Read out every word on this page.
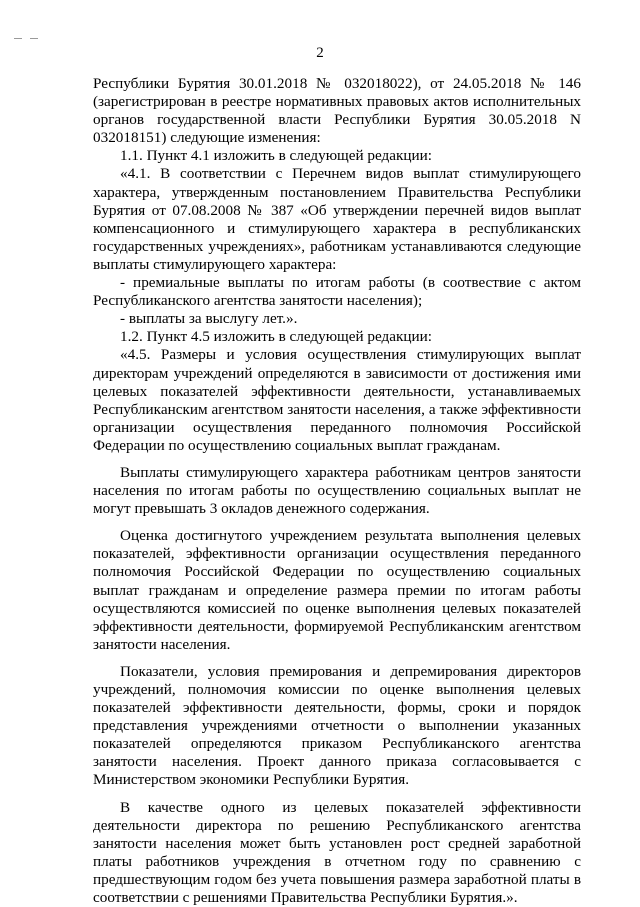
2

Республики Бурятия 30.01.2018 № 032018022), от 24.05.2018 № 146 (зарегистрирован в реестре нормативных правовых актов исполнительных органов государственной власти Республики Бурятия 30.05.2018 N 032018151) следующие изменения:

1.1. Пункт 4.1 изложить в следующей редакции:

«4.1. В соответствии с Перечнем видов выплат стимулирующего характера, утвержденным постановлением Правительства Республики Бурятия от 07.08.2008 № 387 «Об утверждении перечней видов выплат компенсационного и стимулирующего характера в республиканских государственных учреждениях», работникам устанавливаются следующие выплаты стимулирующего характера:

- премиальные выплаты по итогам работы (в соотвествие с актом Республиканского агентства занятости населения);

- выплаты за выслугу лет.».

1.2. Пункт 4.5 изложить в следующей редакции:

«4.5. Размеры и условия осуществления стимулирующих выплат директорам учреждений определяются в зависимости от достижения ими целевых показателей эффективности деятельности, устанавливаемых Республиканским агентством занятости населения, а также эффективности организации осуществления переданного полномочия Российской Федерации по осуществлению социальных выплат гражданам.

Выплаты стимулирующего характера работникам центров занятости населения по итогам работы по осуществлению социальных выплат не могут превышать 3 окладов денежного содержания.

Оценка достигнутого учреждением результата выполнения целевых показателей, эффективности организации осуществления переданного полномочия Российской Федерации по осуществлению социальных выплат гражданам и определение размера премии по итогам работы осуществляются комиссией по оценке выполнения целевых показателей эффективности деятельности, формируемой Республиканским агентством занятости населения.

Показатели, условия премирования и депремирования директоров учреждений, полномочия комиссии по оценке выполнения целевых показателей эффективности деятельности, формы, сроки и порядок представления учреждениями отчетности о выполнении указанных показателей определяются приказом Республиканского агентства занятости населения. Проект данного приказа согласовывается с Министерством экономики Республики Бурятия.

В качестве одного из целевых показателей эффективности деятельности директора по решению Республиканского агентства занятости населения может быть установлен рост средней заработной платы работников учреждения в отчетном году по сравнению с предшествующим годом без учета повышения размера заработной платы в соответствии с решениями Правительства Республики Бурятия.».
